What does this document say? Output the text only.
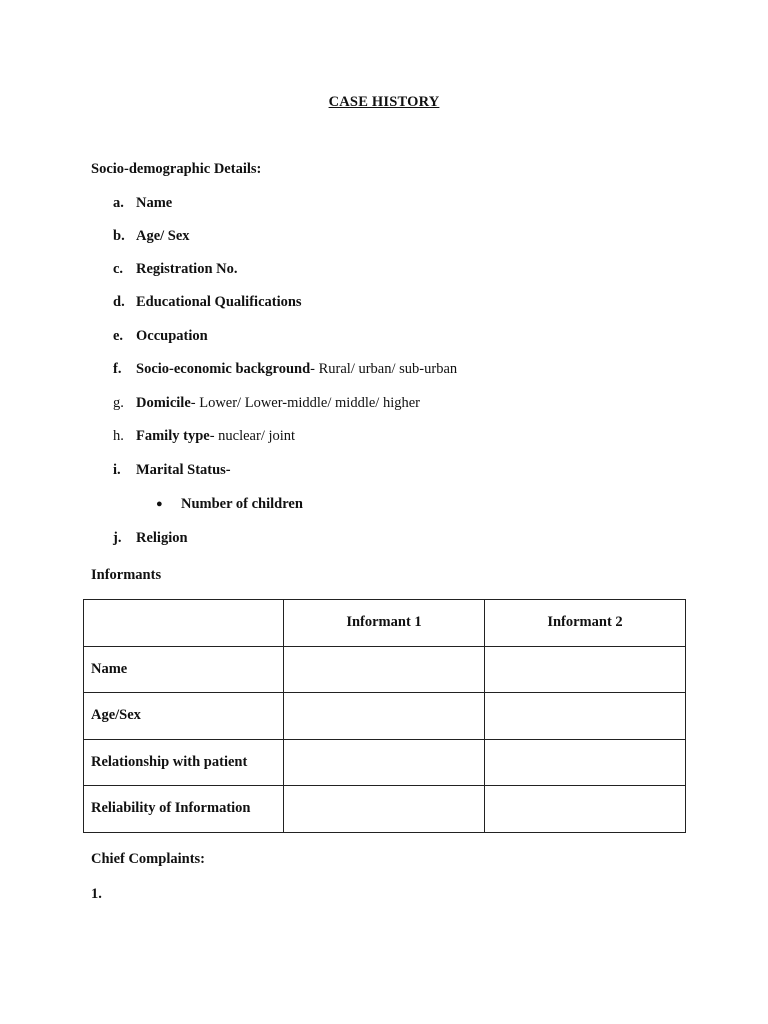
CASE HISTORY
Socio-demographic Details:
a. Name
b. Age/ Sex
c. Registration No.
d. Educational Qualifications
e. Occupation
f. Socio-economic background- Rural/ urban/ sub-urban
g. Domicile- Lower/ Lower-middle/ middle/ higher
h. Family type- nuclear/ joint
i. Marital Status-
● Number of children
j. Religion
Informants
	Informant 1	Informant 2
Name		
Age/Sex		
Relationship with patient		
Reliability of Information		
Chief Complaints:
1.
